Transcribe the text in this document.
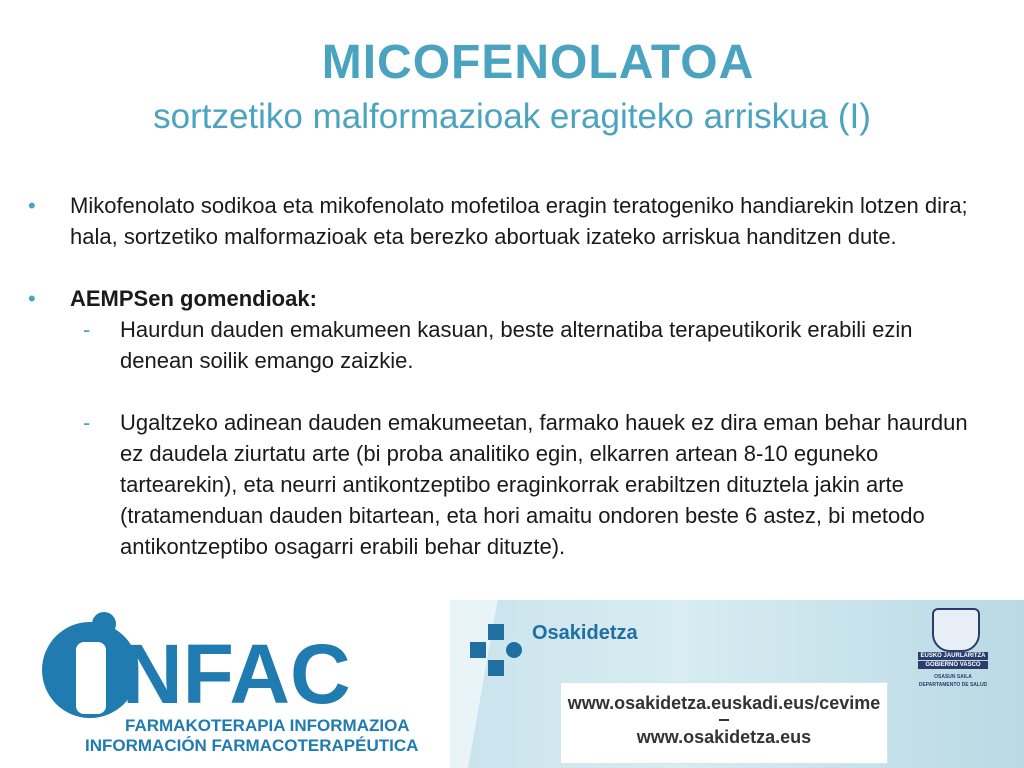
MICOFENOLATOA
sortzetiko malformazioak eragiteko arriskua (I)
• Mikofenolato sodikoa eta mikofenolato mofetiloa eragin teratogeniko handiarekin lotzen dira; hala, sortzetiko malformazioak eta berezko abortuak izateko arriskua handitzen dute.
• AEMPSen gomendioak:
- Haurdun dauden emakumeen kasuan, beste alternatiba terapeutikorik erabili ezin denean soilik emango zaizkie.
- Ugaltzeko adinean dauden emakumeetan, farmako hauek ez dira eman behar haurdun ez daudela ziurtatu arte (bi proba analitiko egin, elkarren artean 8-10 eguneko tartearekin), eta neurri antikontzeptibo eraginkorrak erabiltzen dituztela jakin arte (tratamenduan dauden bitartean, eta hori amaitu ondoren beste 6 astez, bi metodo antikontzeptibo osagarri erabili behar dituzte).
NFAC
FARMAKOTERAPIA INFORMAZIOA
INFORMACIÓN FARMACOTERAPÉUTICA
Osakidetza
www.osakidetza.euskadi.eus/cevime
www.osakidetza.eus
EUSKO JAURLARITZA
GOBIERNO VASCO
OSASUN SAILA
DEPARTAMENTO DE SALUD
